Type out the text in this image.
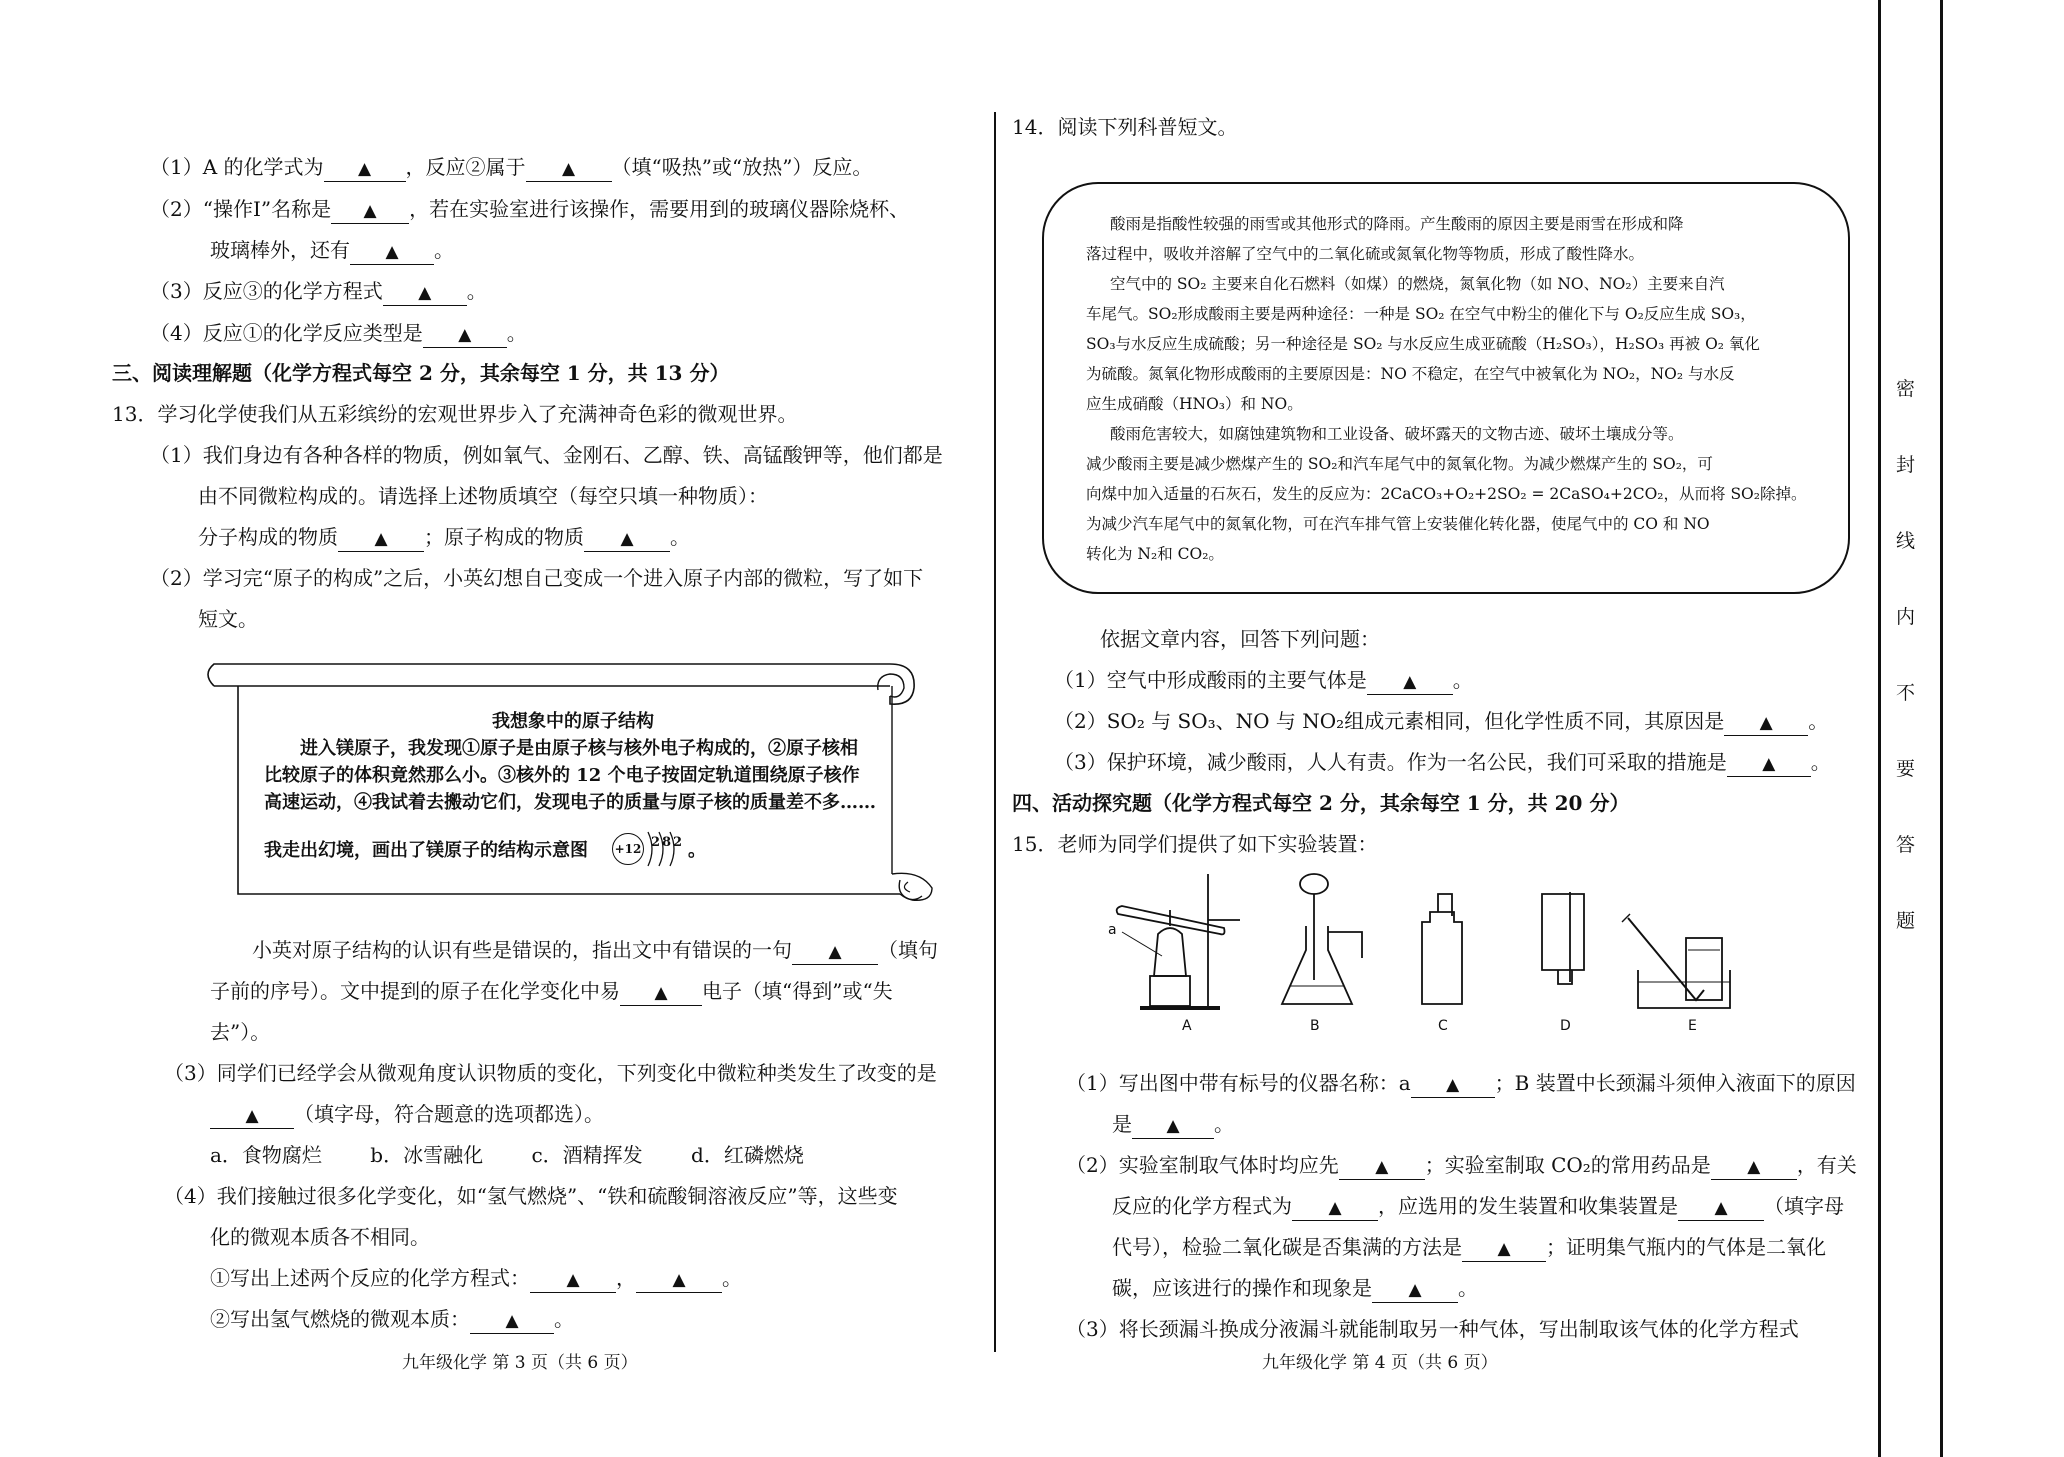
（1）A 的化学式为 ▲	，反应②属于 ▲	（填“吸热”或“放热”）反应。
（2）“操作Ⅰ”名称是 ▲	，若在实验室进行该操作，需要用到的玻璃仪器除烧杯、
玻璃棒外，还有 ▲	。
（3）反应③的化学方程式 ▲	。
（4）反应①的化学反应类型是 ▲	。
三、阅读理解题（化学方程式每空 2 分，其余每空 1 分，共 13 分）
13．学习化学使我们从五彩缤纷的宏观世界步入了充满神奇色彩的微观世界。
（1）我们身边有各种各样的物质，例如氧气、金刚石、乙醇、铁、高锰酸钾等，他们都是
由不同微粒构成的。请选择上述物质填空（每空只填一种物质）：
分子构成的物质 ▲	；原子构成的物质 ▲	。
（2）学习完“原子的构成”之后，小英幻想自己变成一个进入原子内部的微粒，写了如下
短文。
我想象中的原子结构
进入镁原子，我发现①原子是由原子核与核外电子构成的，②原子核相
比较原子的体积竟然那么小。③核外的 12 个电子按固定轨道围绕原子核作
高速运动，④我试着去搬动它们，发现电子的质量与原子核的质量差不多……
我走出幻境，画出了镁原子的结构示意图 +12 2 8 2 。
小英对原子结构的认识有些是错误的，指出文中有错误的一句 ▲	（填句
子前的序号）。文中提到的原子在化学变化中易 ▲	电子（填“得到”或“失
去”）。
（3）同学们已经学会从微观角度认识物质的变化，下列变化中微粒种类发生了改变的是
▲（填字母，符合题意的选项都选）。
a．食物腐烂 b．冰雪融化 c．酒精挥发 d．红磷燃烧
（4）我们接触过很多化学变化，如“氢气燃烧”、“铁和硫酸铜溶液反应”等，这些变
化的微观本质各不相同。
①写出上述两个反应的化学方程式： ▲	， ▲	。
②写出氢气燃烧的微观本质： ▲	。
九年级化学 第 3 页（共 6 页）
14．阅读下列科普短文。
酸雨是指酸性较强的雨雪或其他形式的降雨。产生酸雨的原因主要是雨雪在形成和降
落过程中，吸收并溶解了空气中的二氧化硫或氮氧化物等物质，形成了酸性降水。
空气中的 SO₂ 主要来自化石燃料（如煤）的燃烧，氮氧化物（如 NO、NO₂）主要来自汽
车尾气。SO₂形成酸雨主要是两种途径：一种是 SO₂ 在空气中粉尘的催化下与 O₂反应生成 SO₃，
SO₃与水反应生成硫酸；另一种途径是 SO₂ 与水反应生成亚硫酸（H₂SO₃），H₂SO₃ 再被 O₂ 氧化
为硫酸。氮氧化物形成酸雨的主要原因是：NO 不稳定，在空气中被氧化为 NO₂，NO₂ 与水反
应生成硝酸（HNO₃）和 NO。
酸雨危害较大，如腐蚀建筑物和工业设备、破坏露天的文物古迹、破坏土壤成分等。
减少酸雨主要是减少燃煤产生的 SO₂和汽车尾气中的氮氧化物。为减少燃煤产生的 SO₂，可
向煤中加入适量的石灰石，发生的反应为：2CaCO₃+O₂+2SO₂ = 2CaSO₄+2CO₂，从而将 SO₂除掉。
为减少汽车尾气中的氮氧化物，可在汽车排气管上安装催化转化器，使尾气中的 CO 和 NO
转化为 N₂和 CO₂。
依据文章内容，回答下列问题：
（1）空气中形成酸雨的主要气体是 ▲	。
（2）SO₂ 与 SO₃、NO 与 NO₂组成元素相同，但化学性质不同，其原因是 ▲	。
（3）保护环境，减少酸雨，人人有责。作为一名公民，我们可采取的措施是 ▲	。
四、活动探究题（化学方程式每空 2 分，其余每空 1 分，共 20 分）
15．老师为同学们提供了如下实验装置：
a
A	B	C	D	E
（1）写出图中带有标号的仪器名称：a ▲	；B 装置中长颈漏斗须伸入液面下的原因
是 ▲	。
（2）实验室制取气体时均应先 ▲	；实验室制取 CO₂的常用药品是 ▲	，有关
反应的化学方程式为 ▲	，应选用的发生装置和收集装置是 ▲	（填字母
代号），检验二氧化碳是否集满的方法是 ▲	；证明集气瓶内的气体是二氧化
碳，应该进行的操作和现象是 ▲	。
（3）将长颈漏斗换成分液漏斗就能制取另一种气体，写出制取该气体的化学方程式
九年级化学 第 4 页（共 6 页）
密
封
线
内
不
要
答
题
